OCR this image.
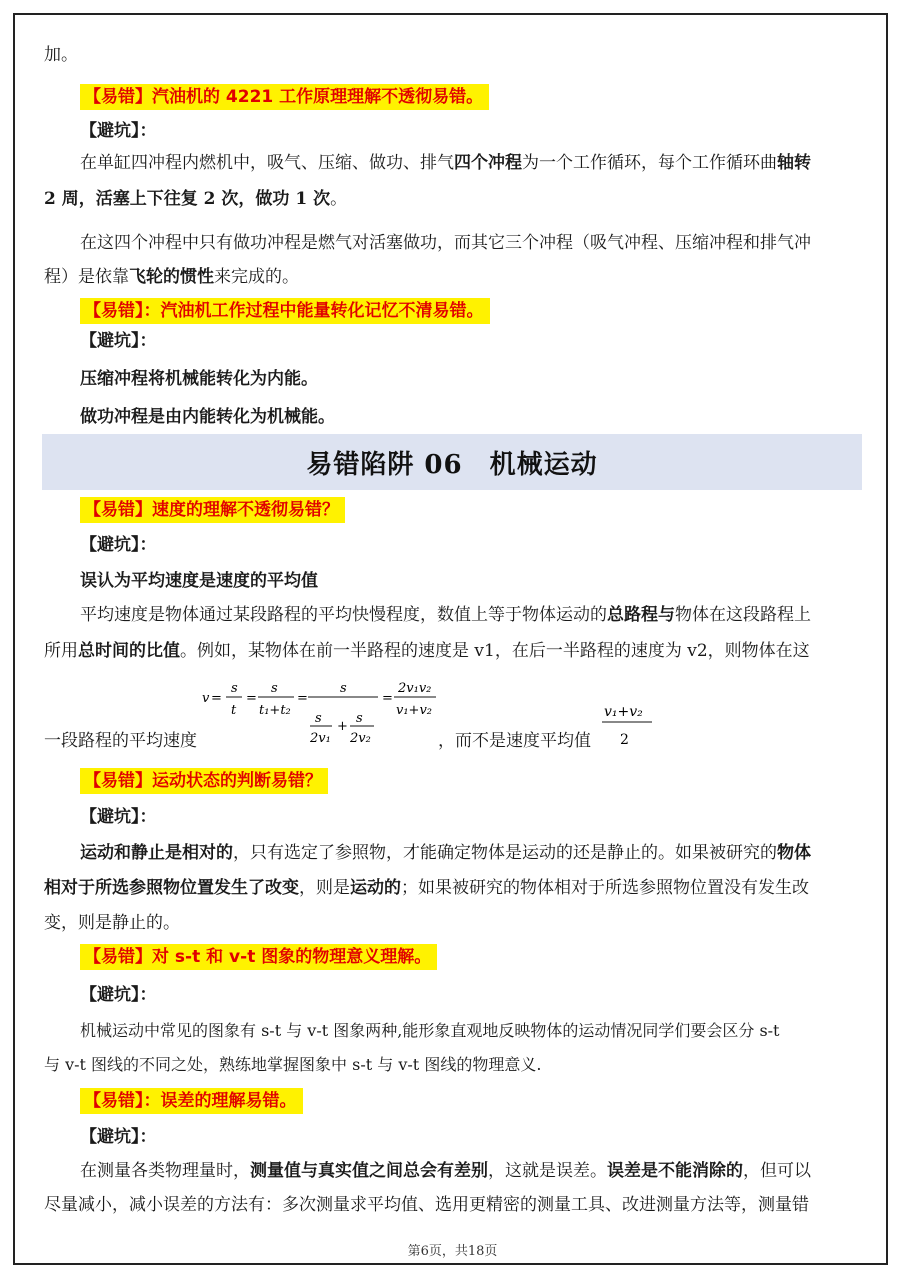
加。
【易错】汽油机的 4221 工作原理理解不透彻易错。
【避坑】：
在单缸四冲程内燃机中，吸气、压缩、做功、排气四个冲程为一个工作循环，每个工作循环曲轴转
2 周，活塞上下往复 2 次，做功 1 次。
在这四个冲程中只有做功冲程是燃气对活塞做功，而其它三个冲程（吸气冲程、压缩冲程和排气冲
程）是依靠飞轮的惯性来完成的。
【易错】：汽油机工作过程中能量转化记忆不清易错。
【避坑】：
压缩冲程将机械能转化为内能。
做功冲程是由内能转化为机械能。
易错陷阱 06　机械运动
【易错】速度的理解不透彻易错？
【避坑】：
误认为平均速度是速度的平均值
平均速度是物体通过某段路程的平均快慢程度，数值上等于物体运动的总路程与物体在这段路程上
所用总时间的比值。例如，某物体在前一半路程的速度是 v1，在后一半路程的速度为 v2，则物体在这
v =
s
t
=
s
t₁+t₂
=
s
s
2v₁
+
s
2v₂
=
2v₁v₂
v₁+v₂
一段路程的平均速度	，而不是速度平均值
v₁+v₂
2
【易错】运动状态的判断易错？
【避坑】：
运动和静止是相对的，只有选定了参照物，才能确定物体是运动的还是静止的。如果被研究的物体
相对于所选参照物位置发生了改变，则是运动的；如果被研究的物体相对于所选参照物位置没有发生改
变，则是静止的。
【易错】对 s-t 和 v-t 图象的物理意义理解。
【避坑】：
机械运动中常见的图象有 s-t 与 v-t 图象两种,能形象直观地反映物体的运动情况同学们要会区分 s-t
与 v-t 图线的不同之处，熟练地掌握图象中 s-t 与 v-t 图线的物理意义.
【易错】：误差的理解易错。
【避坑】：
在测量各类物理量时，测量值与真实值之间总会有差别，这就是误差。误差是不能消除的，但可以
尽量减小，减小误差的方法有：多次测量求平均值、选用更精密的测量工具、改进测量方法等，测量错
第6页，共18页
